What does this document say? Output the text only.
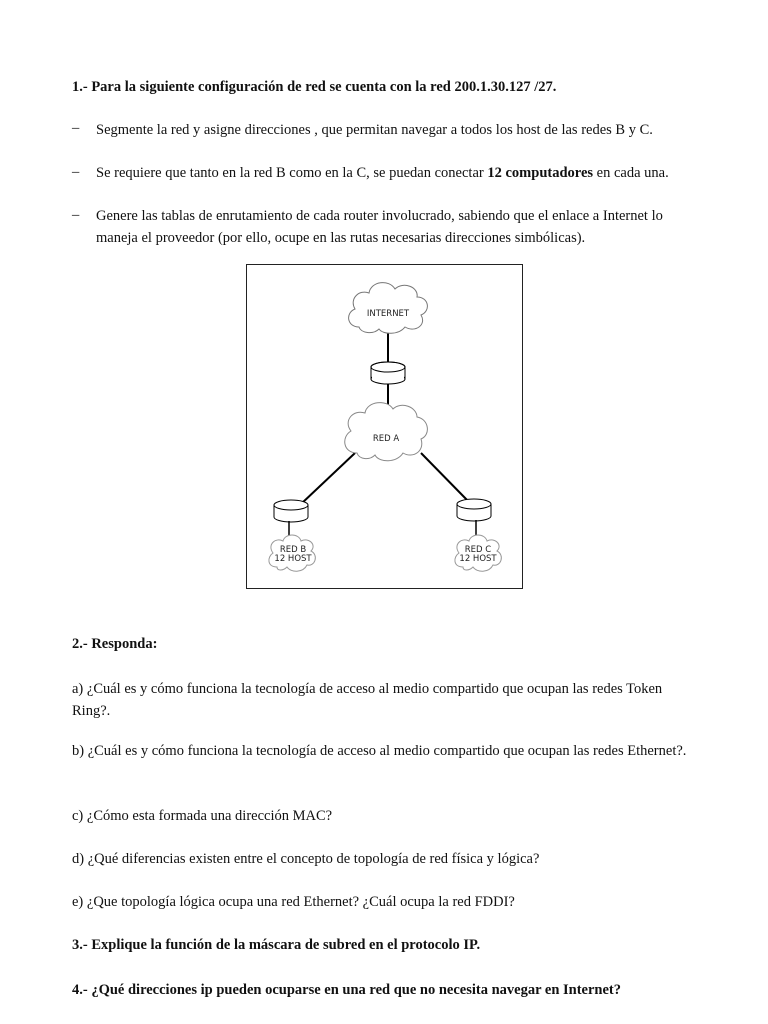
1.- Para la siguiente configuración de red se cuenta con la red 200.1.30.127 /27.
– Segmente la red y asigne direcciones , que permitan navegar a todos los host de las redes B y C.
– Se requiere que tanto en la red B como en la C, se puedan conectar 12 computadores en cada una.
– Genere las tablas de enrutamiento de cada router involucrado, sabiendo que el enlace a Internet lo maneja el proveedor (por ello, ocupe en las rutas necesarias direcciones simbólicas).
INTERNET
RED A
RED B
12 HOST
RED C
12 HOST
2.- Responda:
a) ¿Cuál es y cómo funciona la tecnología de acceso al medio compartido que ocupan las redes Token Ring?.
b) ¿Cuál es y cómo funciona la tecnología de acceso al medio compartido que ocupan las redes Ethernet?.
c) ¿Cómo esta formada una dirección MAC?
d) ¿Qué diferencias existen entre el concepto de topología de red física y lógica?
e) ¿Que topología lógica ocupa una red Ethernet? ¿Cuál ocupa la red FDDI?
3.- Explique la función de la máscara de subred en el protocolo IP.
4.- ¿Qué direcciones ip pueden ocuparse en una red que no necesita navegar en Internet?
